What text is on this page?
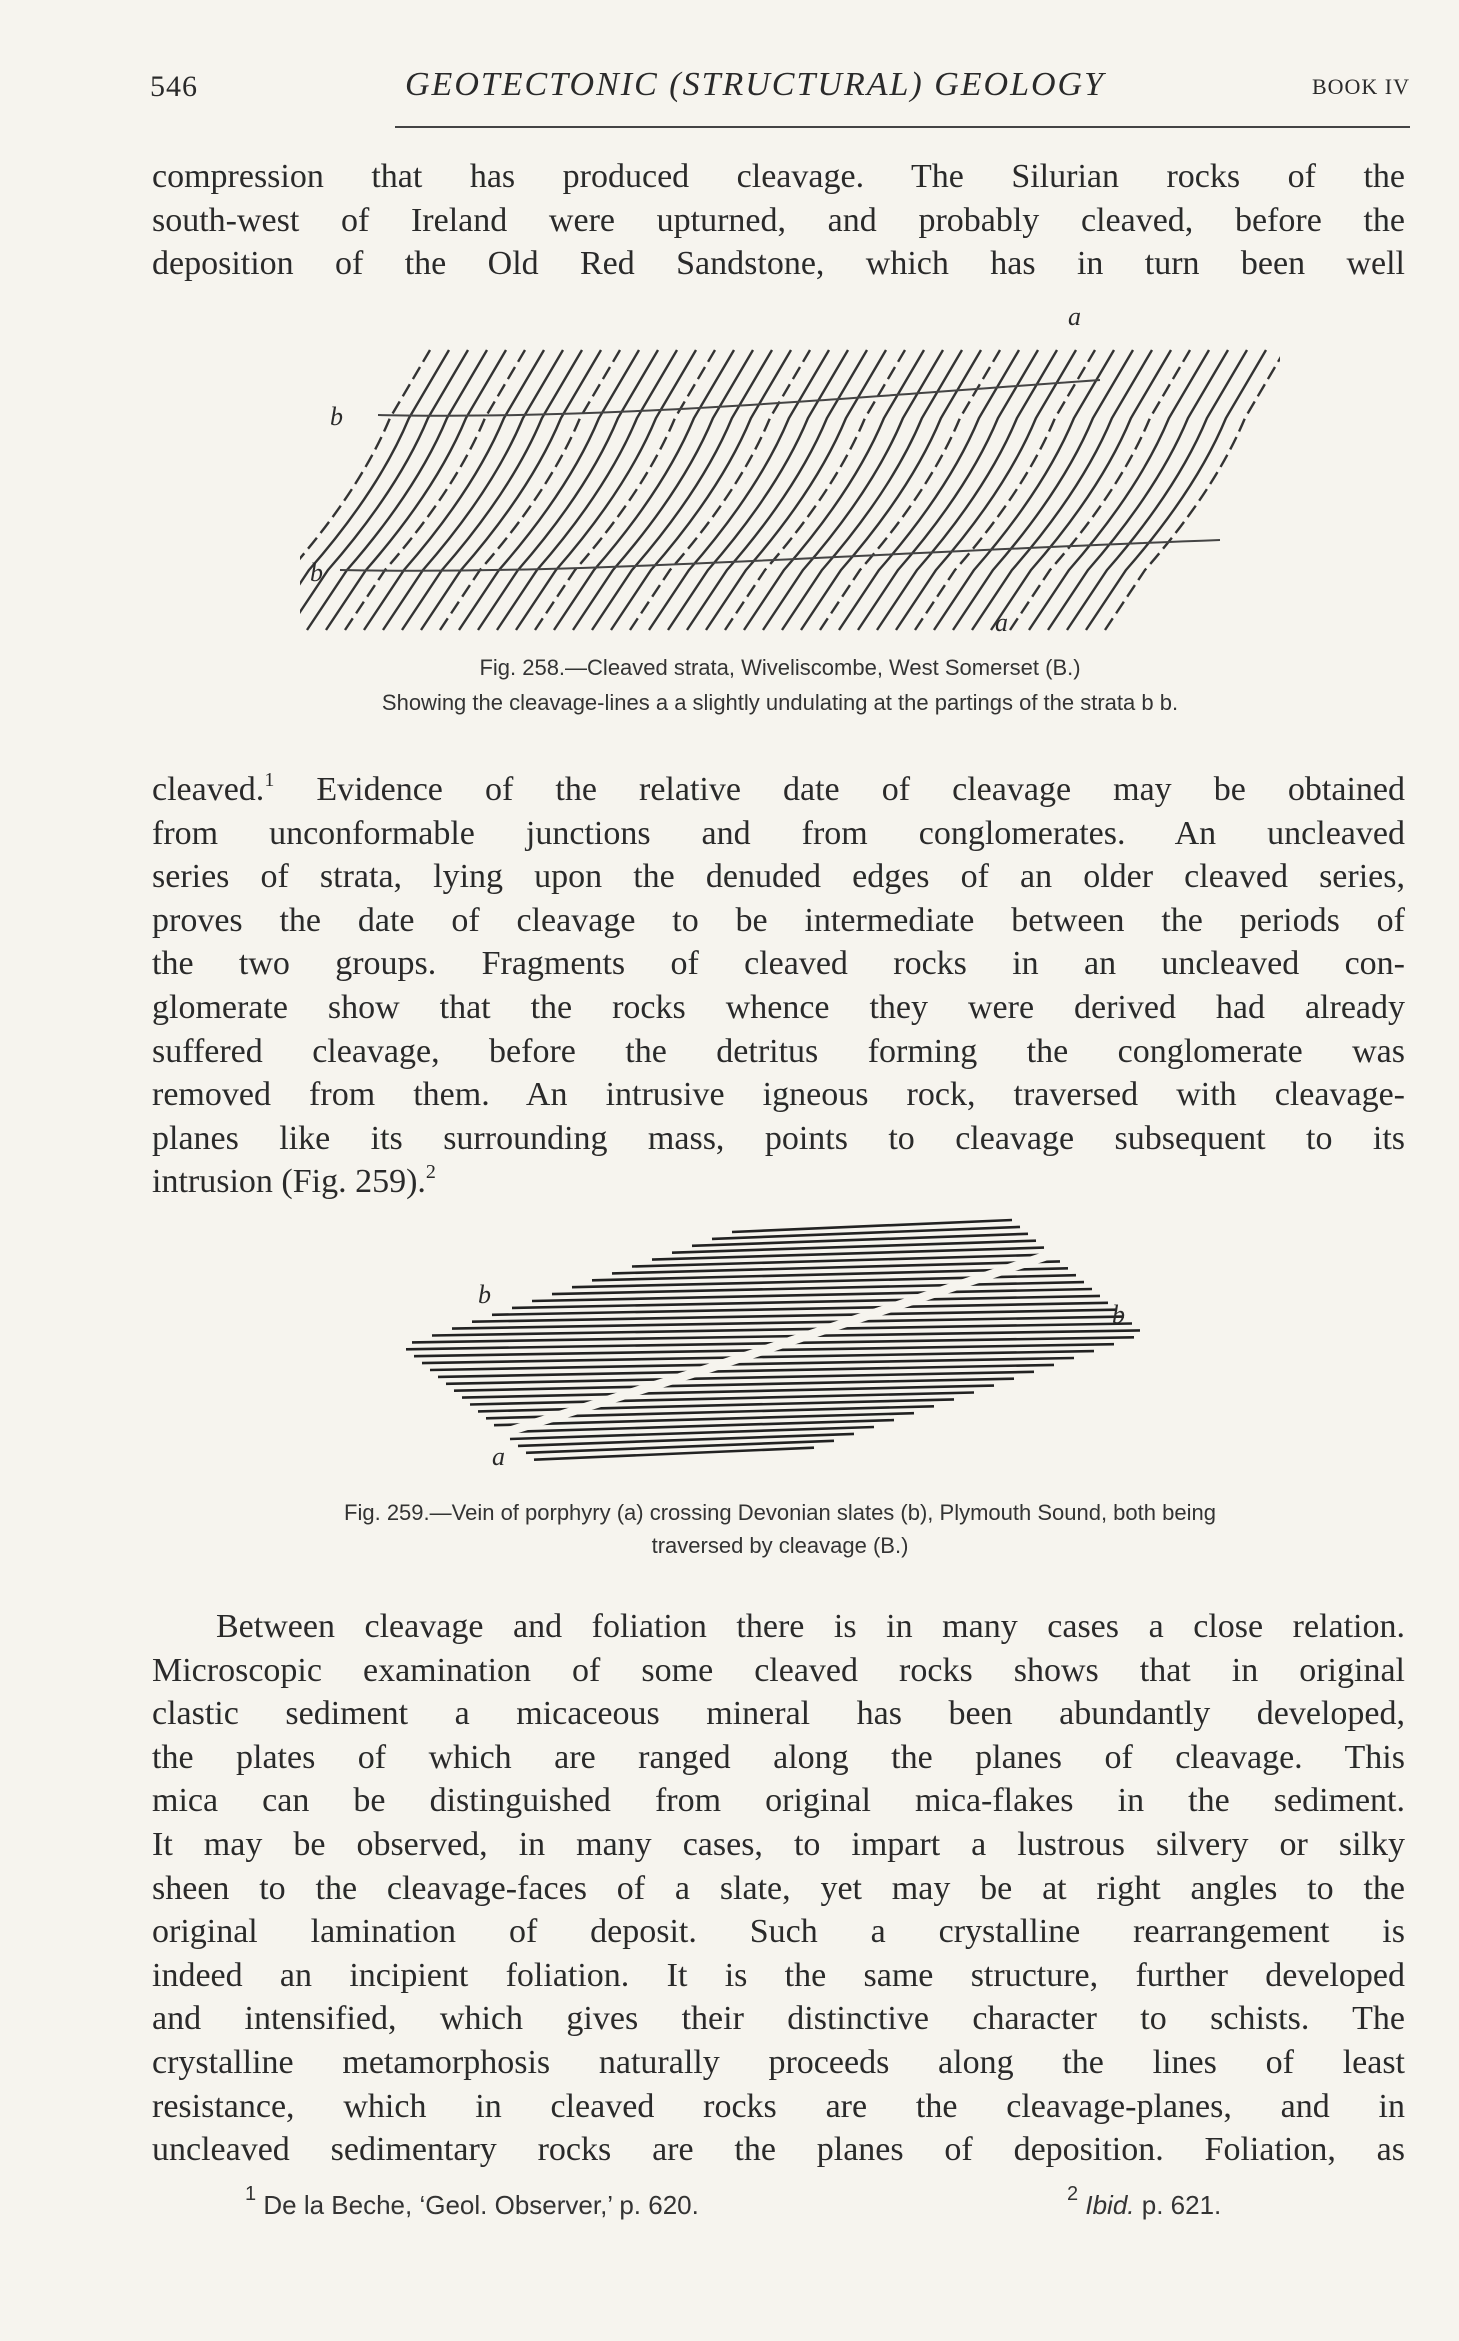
546	GEOTECTONIC (STRUCTURAL) GEOLOGY	BOOK IV
compression that has produced cleavage. The Silurian rocks of the
south-west of Ireland were upturned, and probably cleaved, before the
deposition of the Old Red Sandstone, which has in turn been well
a
b
b
a
Fig. 258.—Cleaved strata, Wiveliscombe, West Somerset (B.)
Showing the cleavage-lines a a slightly undulating at the partings of the strata b b.
cleaved.$^1$ Evidence of the relative date of cleavage may be obtained
from unconformable junctions and from conglomerates. An uncleaved
series of strata, lying upon the denuded edges of an older cleaved series,
proves the date of cleavage to be intermediate between the periods of
the two groups. Fragments of cleaved rocks in an uncleaved con-
glomerate show that the rocks whence they were derived had already
suffered cleavage, before the detritus forming the conglomerate was
removed from them. An intrusive igneous rock, traversed with cleavage-
planes like its surrounding mass, points to cleavage subsequent to its
intrusion (Fig. 259).$^2$
b
b
a
Fig. 259.—Vein of porphyry (a) crossing Devonian slates (b), Plymouth Sound, both being
traversed by cleavage (B.)
Between cleavage and foliation there is in many cases a close relation.
Microscopic examination of some cleaved rocks shows that in original
clastic sediment a micaceous mineral has been abundantly developed,
the plates of which are ranged along the planes of cleavage. This
mica can be distinguished from original mica-flakes in the sediment.
It may be observed, in many cases, to impart a lustrous silvery or silky
sheen to the cleavage-faces of a slate, yet may be at right angles to the
original lamination of deposit. Such a crystalline rearrangement is
indeed an incipient foliation. It is the same structure, further developed
and intensified, which gives their distinctive character to schists. The
crystalline metamorphosis naturally proceeds along the lines of least
resistance, which in cleaved rocks are the cleavage-planes, and in
uncleaved sedimentary rocks are the planes of deposition. Foliation, as
$^1$ De la Beche, ‘Geol. Observer,’ p. 620.	$^2$ Ibid. p. 621.
